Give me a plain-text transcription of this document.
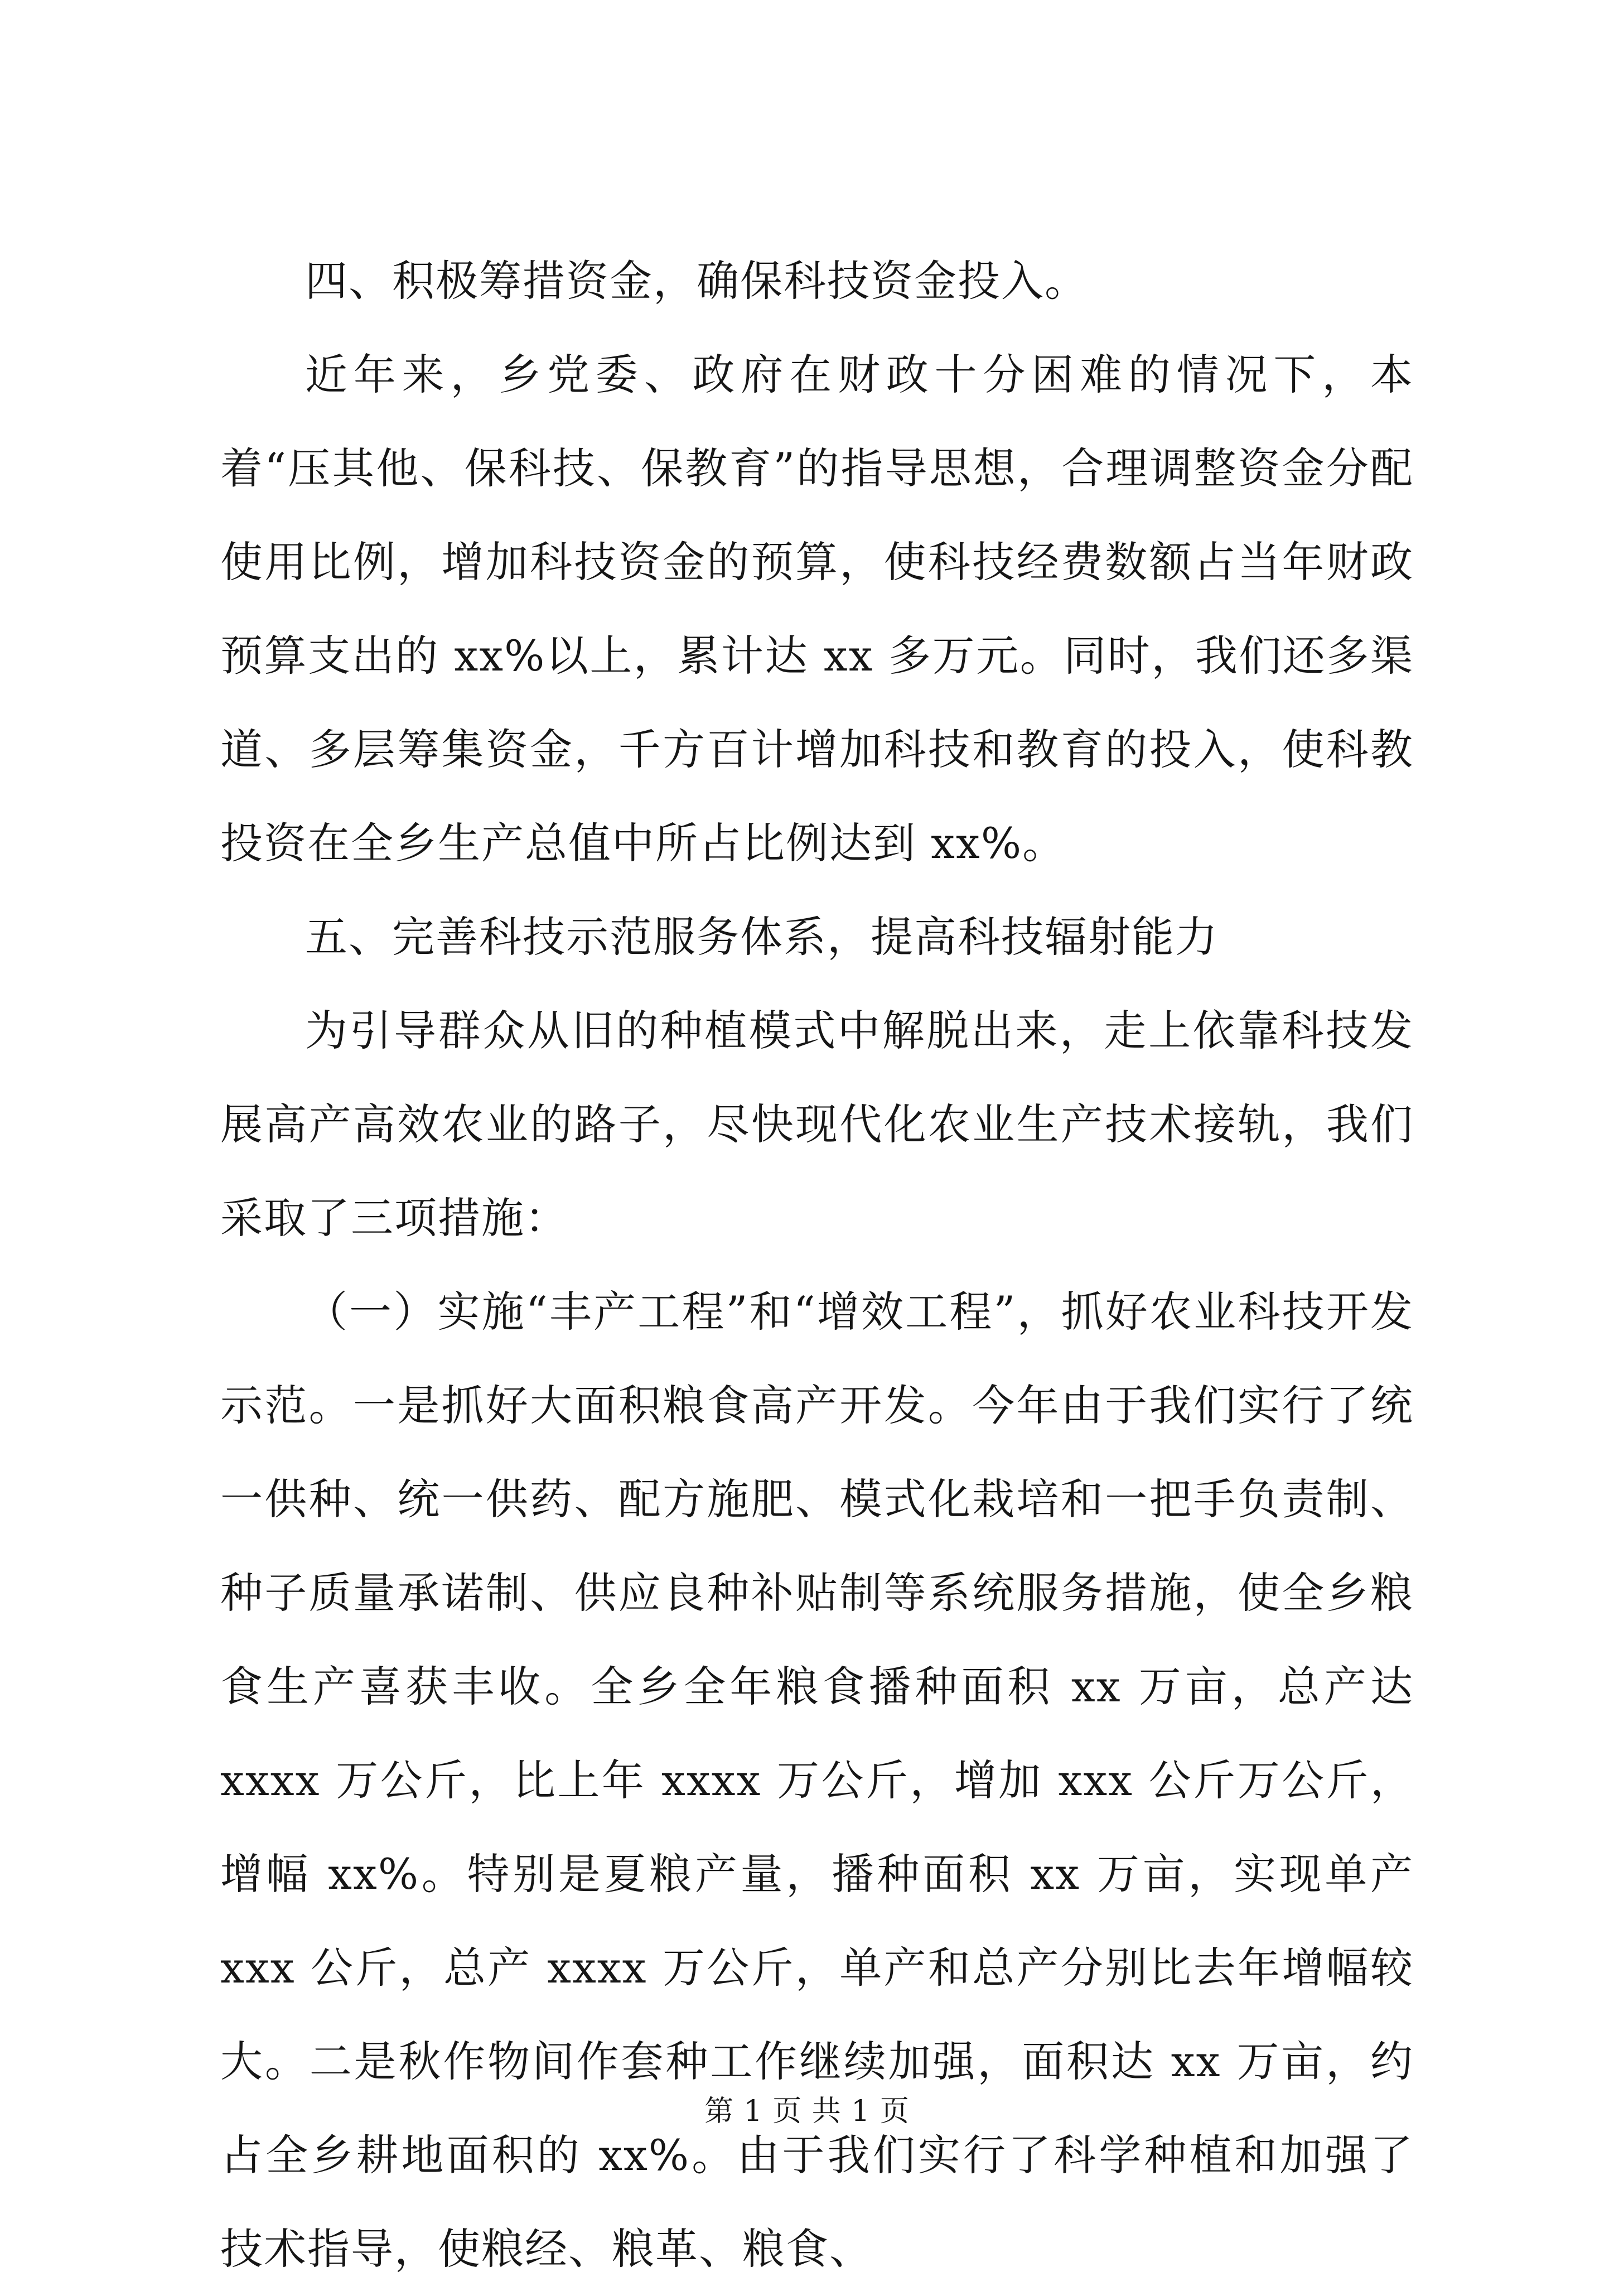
四、积极筹措资金，确保科技资金投入。

近年来，乡党委、政府在财政十分困难的情况下，本着“压其他、保科技、保教育”的指导思想，合理调整资金分配使用比例，增加科技资金的预算，使科技经费数额占当年财政预算支出的 xx%以上，累计达 xx 多万元。同时，我们还多渠道、多层筹集资金，千方百计增加科技和教育的投入，使科教投资在全乡生产总值中所占比例达到 xx%。

五、完善科技示范服务体系，提高科技辐射能力

为引导群众从旧的种植模式中解脱出来，走上依靠科技发展高产高效农业的路子，尽快现代化农业生产技术接轨，我们采取了三项措施：

（一）实施“丰产工程”和“增效工程”，抓好农业科技开发示范。一是抓好大面积粮食高产开发。今年由于我们实行了统一供种、统一供药、配方施肥、模式化栽培和一把手负责制、种子质量承诺制、供应良种补贴制等系统服务措施，使全乡粮食生产喜获丰收。全乡全年粮食播种面积 xx 万亩，总产达 xxxx 万公斤，比上年 xxxx 万公斤，增加 xxx 公斤万公斤，增幅 xx%。特别是夏粮产量，播种面积 xx 万亩，实现单产 xxx 公斤，总产 xxxx 万公斤，单产和总产分别比去年增幅较大。二是秋作物间作套种工作继续加强，面积达 xx 万亩，约占全乡耕地面积的 xx%。由于我们实行了科学种植和加强了技术指导，使粮经、粮革、粮食、

第 1 页 共 1 页
